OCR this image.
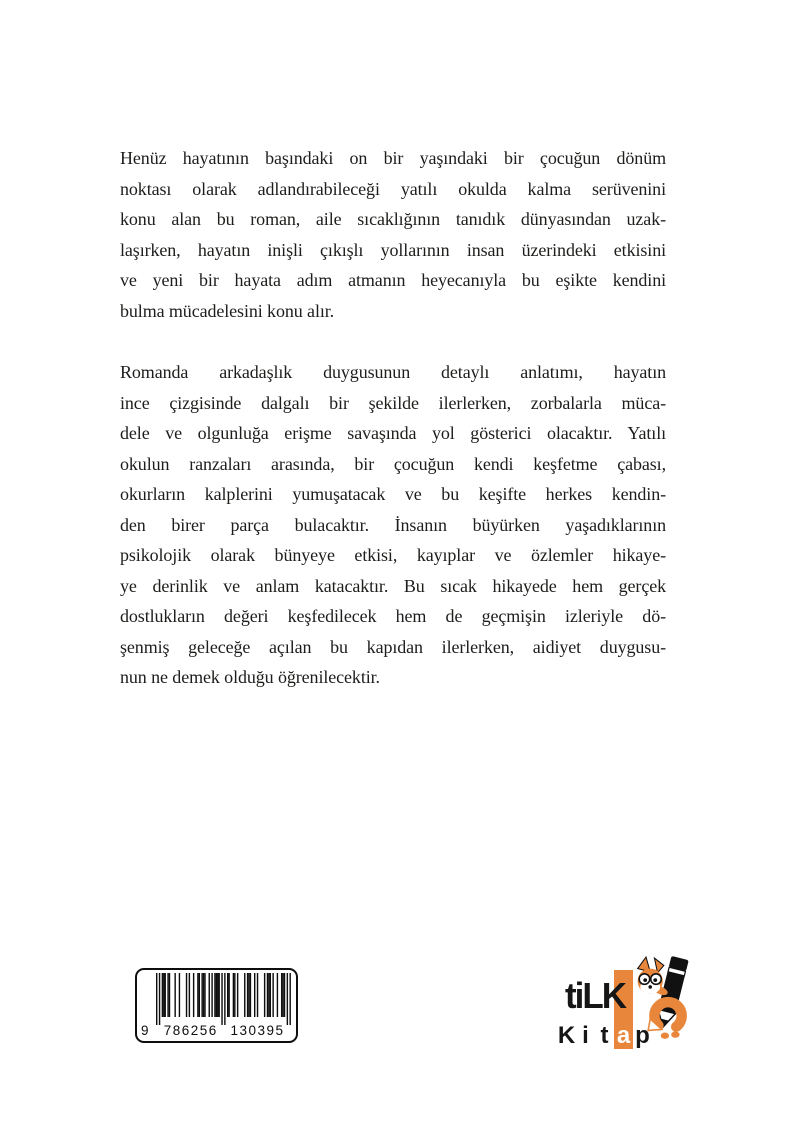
Henüz hayatının başındaki on bir yaşındaki bir çocuğun dönüm
noktası olarak adlandırabileceği yatılı okulda kalma serüvenini
konu alan bu roman, aile sıcaklığının tanıdık dünyasından uzak-
laşırken, hayatın inişli çıkışlı yollarının insan üzerindeki etkisini
ve yeni bir hayata adım atmanın heyecanıyla bu eşikte kendini
bulma mücadelesini konu alır.
Romanda arkadaşlık duygusunun detaylı anlatımı, hayatın
ince çizgisinde dalgalı bir şekilde ilerlerken, zorbalarla müca-
dele ve olgunluğa erişme savaşında yol gösterici olacaktır. Yatılı
okulun ranzaları arasında, bir çocuğun kendi keşfetme çabası,
okurların kalplerini yumuşatacak ve bu keşifte herkes kendin-
den birer parça bulacaktır. İnsanın büyürken yaşadıklarının
psikolojik olarak bünyeye etkisi, kayıplar ve özlemler hikaye-
ye derinlik ve anlam katacaktır. Bu sıcak hikayede hem gerçek
dostlukların değeri keşfedilecek hem de geçmişin izleriyle dö-
şenmiş geleceğe açılan bu kapıdan ilerlerken, aidiyet duygusu-
nun ne demek olduğu öğrenilecektir.
9 786256 130395
tiLK
K i t a p
